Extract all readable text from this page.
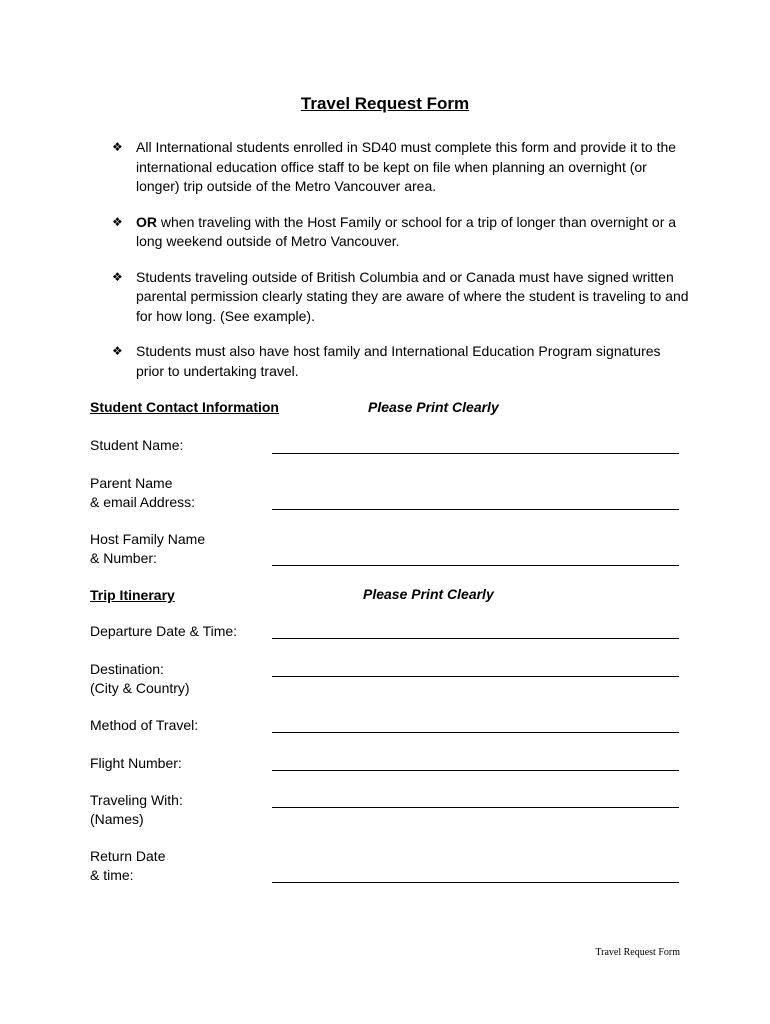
Travel Request Form
❖ All International students enrolled in SD40 must complete this form and provide it to the international education office staff to be kept on file when planning an overnight (or longer) trip outside of the Metro Vancouver area.
❖ OR when traveling with the Host Family or school for a trip of longer than overnight or a long weekend outside of Metro Vancouver.
❖ Students traveling outside of British Columbia and or Canada must have signed written parental permission clearly stating they are aware of where the student is traveling to and for how long. (See example).
❖ Students must also have host family and International Education Program signatures prior to undertaking travel.
Student Contact Information	Please Print Clearly
Student Name:
Parent Name
& email Address:
Host Family Name
& Number:
Trip Itinerary	Please Print Clearly
Departure Date & Time:
Destination:
(City & Country)
Method of Travel:
Flight Number:
Traveling With:
(Names)
Return Date
& time:
Travel Request Form
